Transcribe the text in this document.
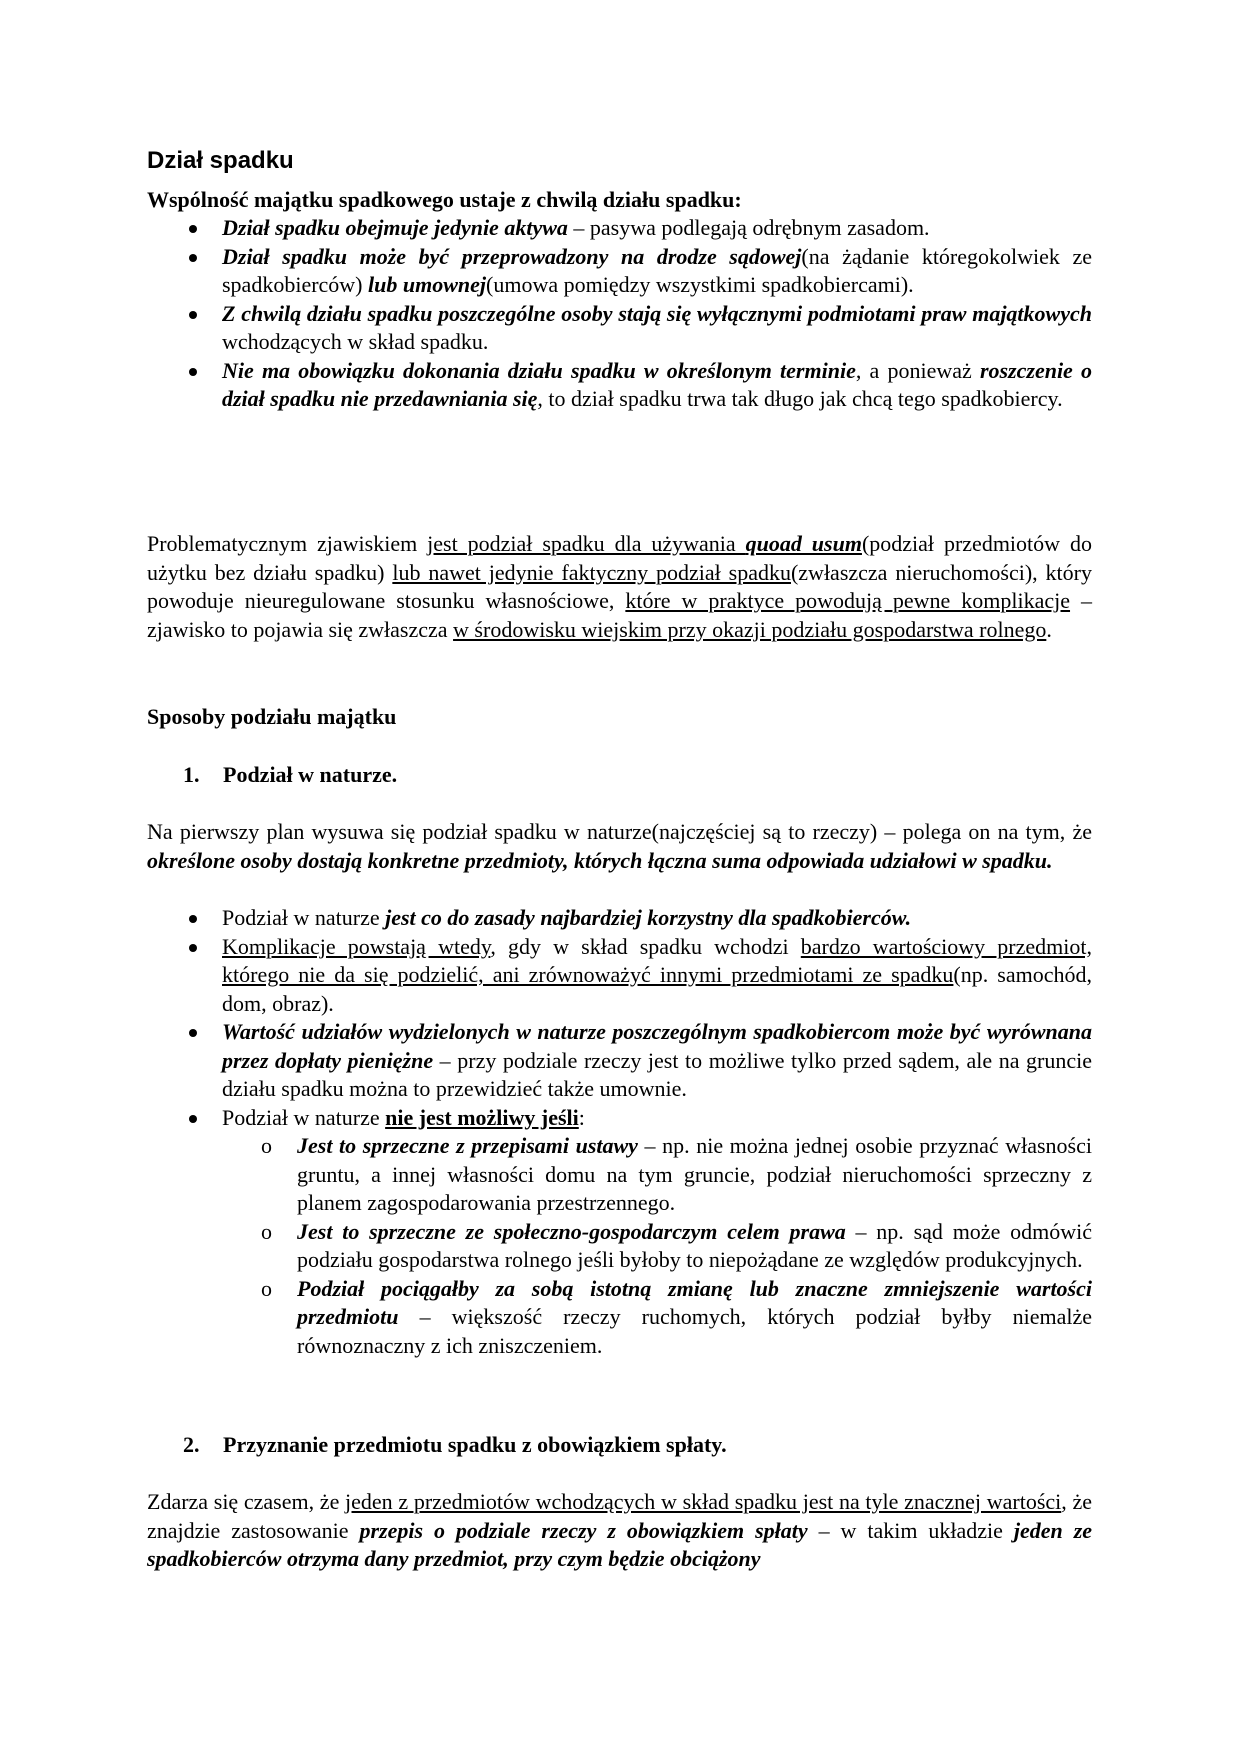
Dział spadku

Wspólność majątku spadkowego ustaje z chwilą działu spadku:

Dział spadku obejmuje jedynie aktywa – pasywa podlegają odrębnym zasadom.
Dział spadku może być przeprowadzony na drodze sądowej(na żądanie któregokolwiek ze spadkobierców) lub umownej(umowa pomiędzy wszystkimi spadkobiercami).
Z chwilą działu spadku poszczególne osoby stają się wyłącznymi podmiotami praw majątkowych wchodzących w skład spadku.
Nie ma obowiązku dokonania działu spadku w określonym terminie, a ponieważ roszczenie o dział spadku nie przedawniania się, to dział spadku trwa tak długo jak chcą tego spadkobiercy.

Problematycznym zjawiskiem jest podział spadku dla używania quoad usum(podział przedmiotów do użytku bez działu spadku) lub nawet jedynie faktyczny podział spadku(zwłaszcza nieruchomości), który powoduje nieuregulowane stosunku własnościowe, które w praktyce powodują pewne komplikacje – zjawisko to pojawia się zwłaszcza w środowisku wiejskim przy okazji podziału gospodarstwa rolnego.

Sposoby podziału majątku

1. Podział w naturze.

Na pierwszy plan wysuwa się podział spadku w naturze(najczęściej są to rzeczy) – polega on na tym, że określone osoby dostają konkretne przedmioty, których łączna suma odpowiada udziałowi w spadku.

Podział w naturze jest co do zasady najbardziej korzystny dla spadkobierców.
Komplikacje powstają wtedy, gdy w skład spadku wchodzi bardzo wartościowy przedmiot, którego nie da się podzielić, ani zrównoważyć innymi przedmiotami ze spadku(np. samochód, dom, obraz).
Wartość udziałów wydzielonych w naturze poszczególnym spadkobiercom może być wyrównana przez dopłaty pieniężne – przy podziale rzeczy jest to możliwe tylko przed sądem, ale na gruncie działu spadku można to przewidzieć także umownie.
Podział w naturze nie jest możliwy jeśli:
o Jest to sprzeczne z przepisami ustawy – np. nie można jednej osobie przyznać własności gruntu, a innej własności domu na tym gruncie, podział nieruchomości sprzeczny z planem zagospodarowania przestrzennego.
o Jest to sprzeczne ze społeczno-gospodarczym celem prawa – np. sąd może odmówić podziału gospodarstwa rolnego jeśli byłoby to niepożądane ze względów produkcyjnych.
o Podział pociągałby za sobą istotną zmianę lub znaczne zmniejszenie wartości przedmiotu – większość rzeczy ruchomych, których podział byłby niemalże równoznaczny z ich zniszczeniem.
2. Przyznanie przedmiotu spadku z obowiązkiem spłaty.

Zdarza się czasem, że jeden z przedmiotów wchodzących w skład spadku jest na tyle znacznej wartości, że znajdzie zastosowanie przepis o podziale rzeczy z obowiązkiem spłaty – w takim układzie jeden ze spadkobierców otrzyma dany przedmiot, przy czym będzie obciążony
